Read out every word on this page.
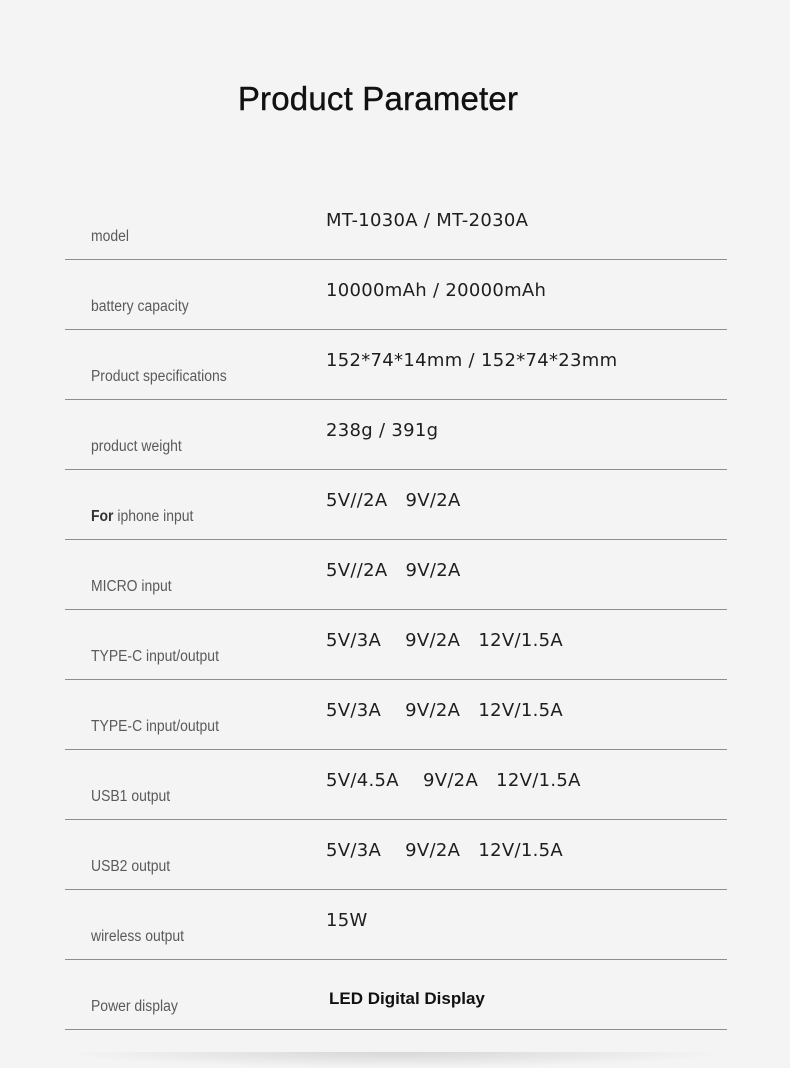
Product Parameter
model
MT-1030A / MT-2030A
battery capacity
10000mAh / 20000mAh
Product specifications
152*74*14mm / 152*74*23mm
product weight
238g / 391g
For iphone input
5V//2A   9V/2A
MICRO input
5V//2A   9V/2A
TYPE-C input/output
5V/3A    9V/2A   12V/1.5A
TYPE-C input/output
5V/3A    9V/2A   12V/1.5A
USB1 output
5V/4.5A    9V/2A   12V/1.5A
USB2 output
5V/3A    9V/2A   12V/1.5A
wireless output
15W
Power display	LED Digital Display
